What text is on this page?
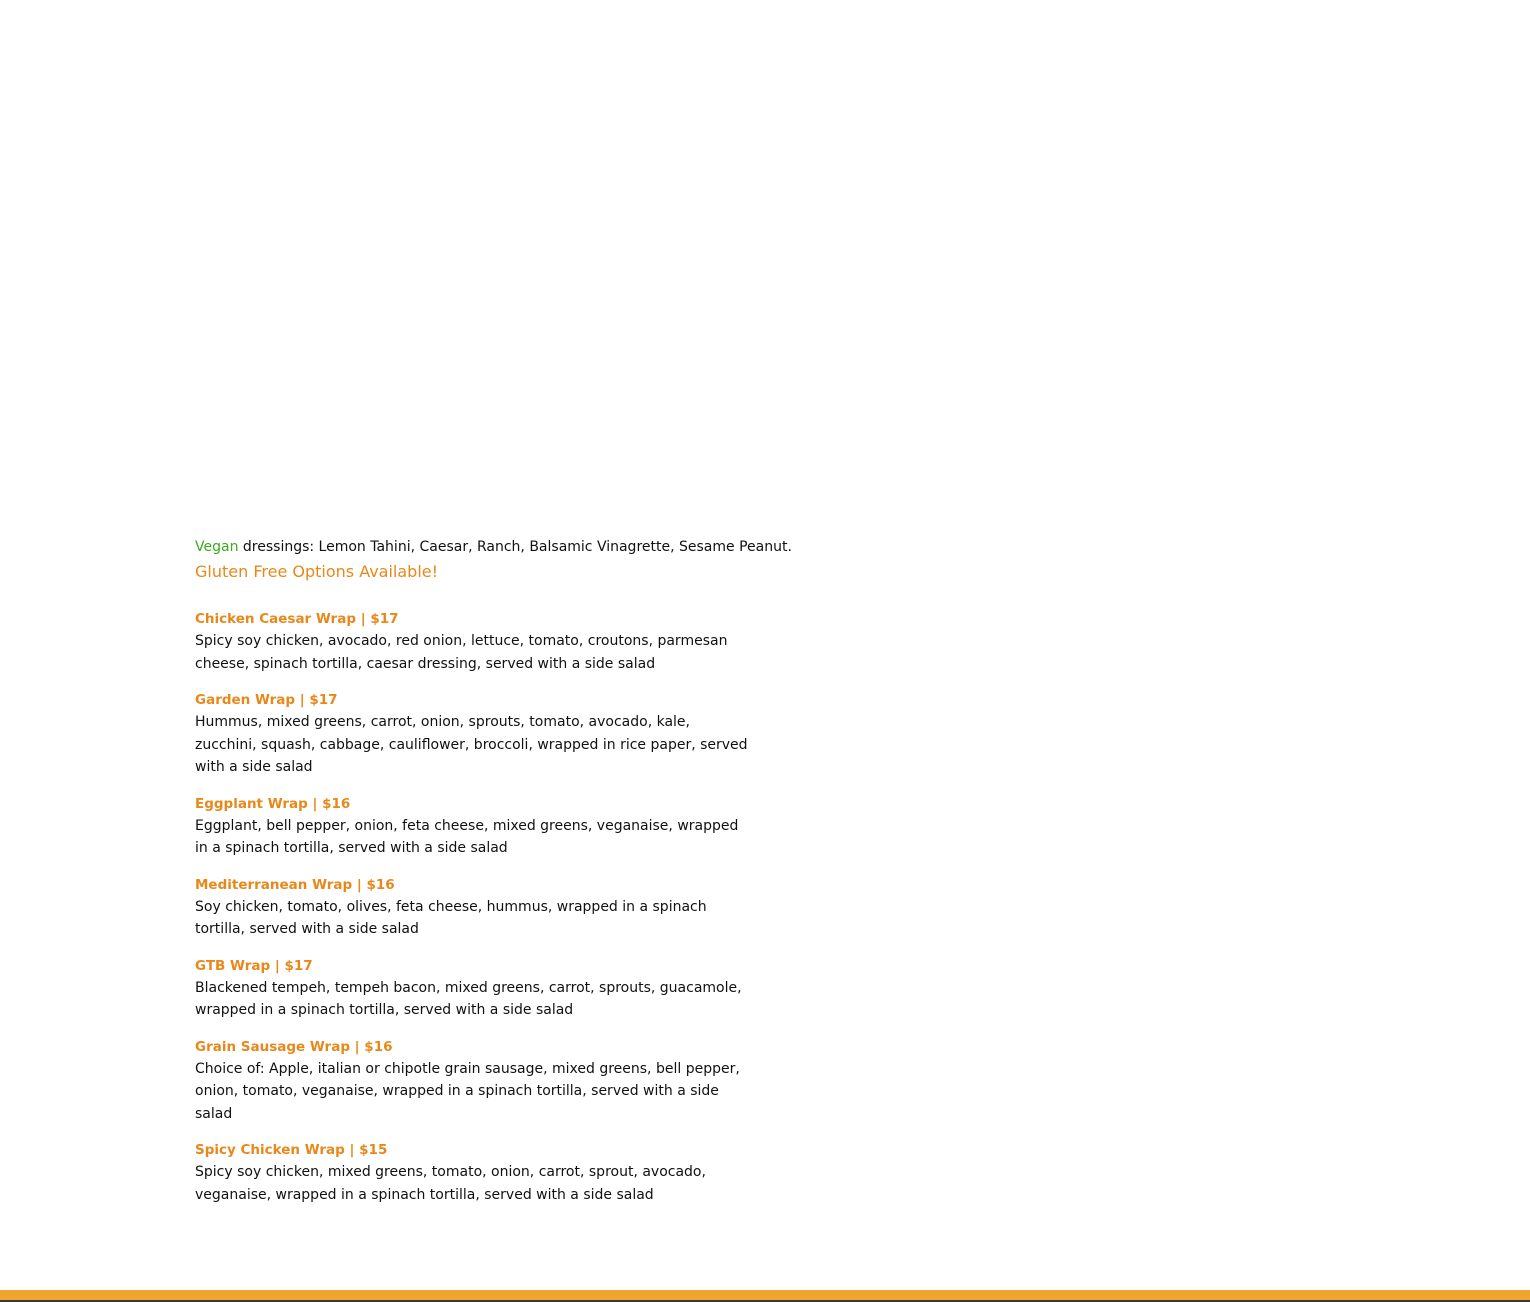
Vegan dressings: Lemon Tahini, Caesar, Ranch, Balsamic Vinagrette, Sesame Peanut.

Gluten Free Options Available!
Chicken Caesar Wrap | $17
Spicy soy chicken, avocado, red onion, lettuce, tomato, croutons, parmesan cheese, spinach tortilla, caesar dressing, served with a side salad
Garden Wrap | $17
Hummus, mixed greens, carrot, onion, sprouts, tomato, avocado, kale, zucchini, squash, cabbage, cauliflower, broccoli, wrapped in rice paper, served with a side salad
Eggplant Wrap | $16
Eggplant, bell pepper, onion, feta cheese, mixed greens, veganaise, wrapped in a spinach tortilla, served with a side salad
Mediterranean Wrap | $16
Soy chicken, tomato, olives, feta cheese, hummus, wrapped in a spinach tortilla, served with a side salad
GTB Wrap | $17
Blackened tempeh, tempeh bacon, mixed greens, carrot, sprouts, guacamole, wrapped in a spinach tortilla, served with a side salad
Grain Sausage Wrap | $16
Choice of: Apple, italian or chipotle grain sausage, mixed greens, bell pepper, onion, tomato, veganaise, wrapped in a spinach tortilla, served with a side salad
Spicy Chicken Wrap | $15
Spicy soy chicken, mixed greens, tomato, onion, carrot, sprout, avocado, veganaise, wrapped in a spinach tortilla, served with a side salad
